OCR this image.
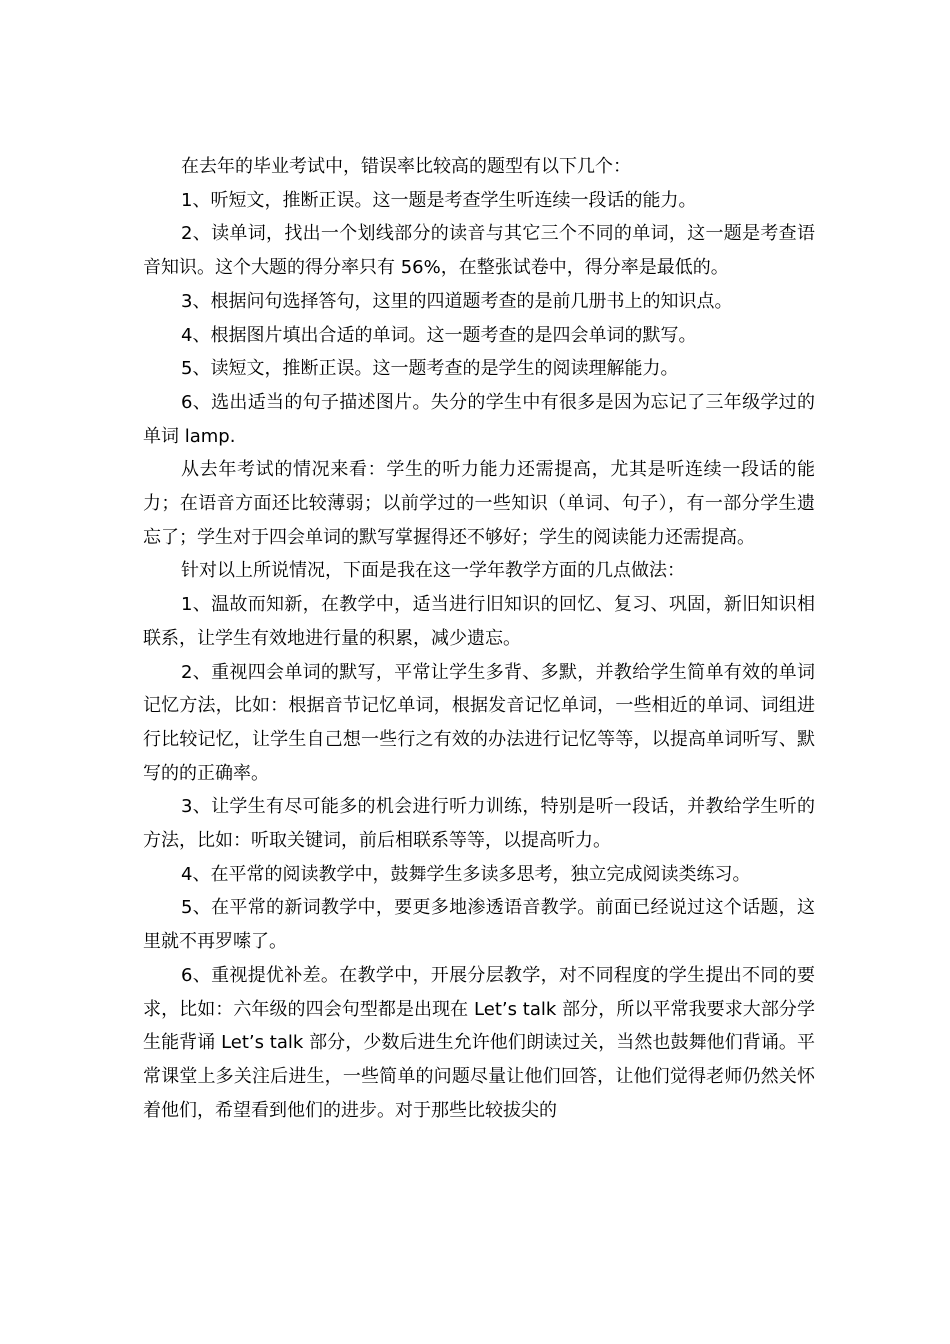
在去年的毕业考试中，错误率比较高的题型有以下几个：

1、听短文，推断正误。这一题是考查学生听连续一段话的能力。

2、读单词，找出一个划线部分的读音与其它三个不同的单词，这一题是考查语音知识。这个大题的得分率只有 56%，在整张试卷中，得分率是最低的。

3、根据问句选择答句，这里的四道题考查的是前几册书上的知识点。

4、根据图片填出合适的单词。这一题考查的是四会单词的默写。

5、读短文，推断正误。这一题考查的是学生的阅读理解能力。

6、选出适当的句子描述图片。失分的学生中有很多是因为忘记了三年级学过的单词 lamp.

从去年考试的情况来看：学生的听力能力还需提高，尤其是听连续一段话的能力；在语音方面还比较薄弱；以前学过的一些知识（单词、句子），有一部分学生遗忘了；学生对于四会单词的默写掌握得还不够好；学生的阅读能力还需提高。

针对以上所说情况，下面是我在这一学年教学方面的几点做法：

1、温故而知新，在教学中，适当进行旧知识的回忆、复习、巩固，新旧知识相联系，让学生有效地进行量的积累，减少遗忘。

2、重视四会单词的默写，平常让学生多背、多默，并教给学生简单有效的单词记忆方法，比如：根据音节记忆单词，根据发音记忆单词，一些相近的单词、词组进行比较记忆，让学生自己想一些行之有效的办法进行记忆等等，以提高单词听写、默写的的正确率。

3、让学生有尽可能多的机会进行听力训练，特别是听一段话，并教给学生听的方法，比如：听取关键词，前后相联系等等，以提高听力。

4、在平常的阅读教学中，鼓舞学生多读多思考，独立完成阅读类练习。

5、在平常的新词教学中，要更多地渗透语音教学。前面已经说过这个话题，这里就不再罗嗦了。

6、重视提优补差。在教学中，开展分层教学，对不同程度的学生提出不同的要求，比如：六年级的四会句型都是出现在 Let’s talk 部分，所以平常我要求大部分学生能背诵 Let’s talk 部分，少数后进生允许他们朗读过关，当然也鼓舞他们背诵。平常课堂上多关注后进生，一些简单的问题尽量让他们回答，让他们觉得老师仍然关怀着他们，希望看到他们的进步。对于那些比较拔尖的
